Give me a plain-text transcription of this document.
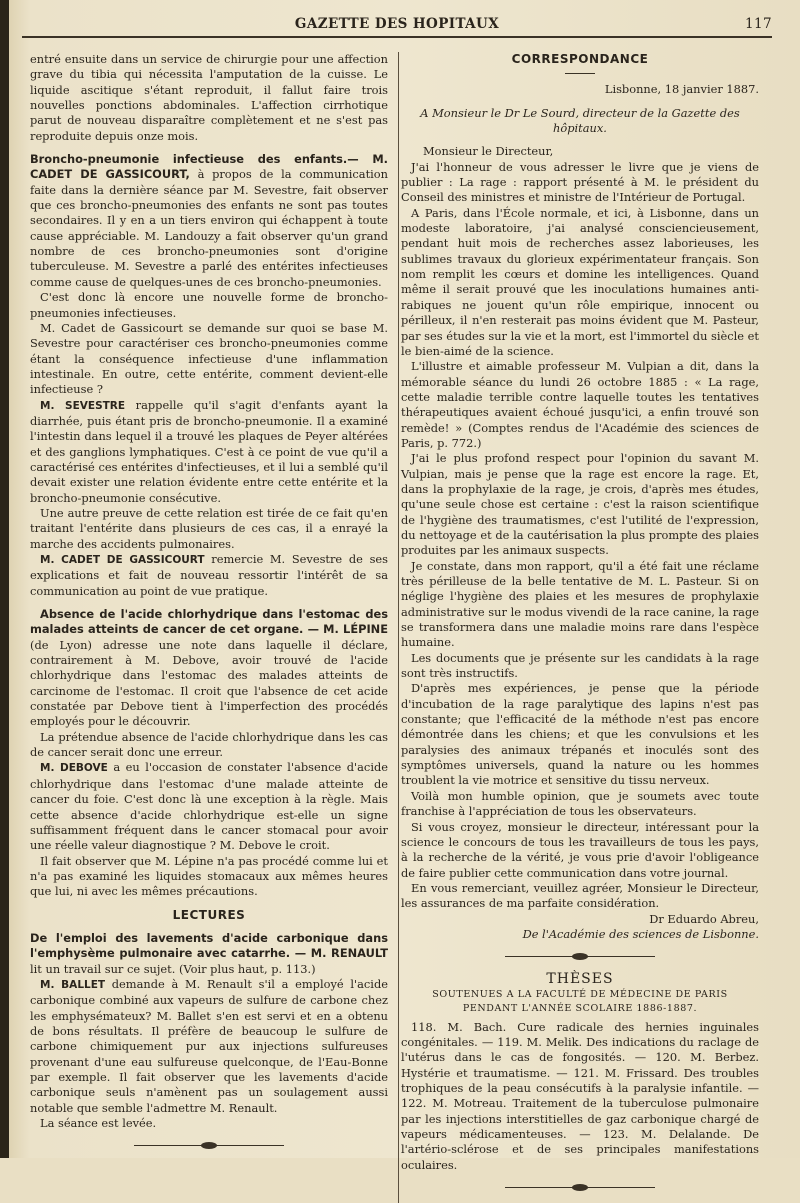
GAZETTE DES HOPITAUX	117

entré ensuite dans un service de chirurgie pour une affection grave du tibia qui nécessita l'amputation de la cuisse. Le liquide ascitique s'étant reproduit, il fallut faire trois nouvelles ponctions abdominales. L'affection cirrhotique parut de nouveau disparaître complètement et ne s'est pas reproduite depuis onze mois.

Broncho-pneumonie infectieuse des enfants.— M. CADET DE GASSICOURT, à propos de la communication faite dans la dernière séance par M. Sevestre, fait observer que ces broncho-pneumonies des enfants ne sont pas toutes secondaires. Il y en a un tiers environ qui échappent à toute cause appréciable. M. Landouzy a fait observer qu'un grand nombre de ces broncho-pneumonies sont d'origine tuberculeuse. M. Sevestre a parlé des entérites infectieuses comme cause de quelques-unes de ces broncho-pneumonies.

C'est donc là encore une nouvelle forme de broncho-pneumonies infectieuses.

M. Cadet de Gassicourt se demande sur quoi se base M. Sevestre pour caractériser ces broncho-pneumonies comme étant la conséquence infectieuse d'une inflammation intestinale. En outre, cette entérite, comment devient-elle infectieuse ?

M. SEVESTRE rappelle qu'il s'agit d'enfants ayant la diarrhée, puis étant pris de broncho-pneumonie. Il a examiné l'intestin dans lequel il a trouvé les plaques de Peyer altérées et des ganglions lymphatiques. C'est à ce point de vue qu'il a caractérisé ces entérites d'infectieuses, et il lui a semblé qu'il devait exister une relation évidente entre cette entérite et la broncho-pneumonie consécutive.

Une autre preuve de cette relation est tirée de ce fait qu'en traitant l'entérite dans plusieurs de ces cas, il a enrayé la marche des accidents pulmonaires.

M. CADET DE GASSICOURT remercie M. Sevestre de ses explications et fait de nouveau ressortir l'intérêt de sa communication au point de vue pratique.

Absence de l'acide chlorhydrique dans l'estomac des malades atteints de cancer de cet organe. — M. LÉPINE (de Lyon) adresse une note dans laquelle il déclare, contrairement à M. Debove, avoir trouvé de l'acide chlorhydrique dans l'estomac des malades atteints de carcinome de l'estomac. Il croit que l'absence de cet acide constatée par Debove tient à l'imperfection des procédés employés pour le découvrir.

La prétendue absence de l'acide chlorhydrique dans les cas de cancer serait donc une erreur.

M. DEBOVE a eu l'occasion de constater l'absence d'acide chlorhydrique dans l'estomac d'une malade atteinte de cancer du foie. C'est donc là une exception à la règle. Mais cette absence d'acide chlorhydrique est-elle un signe suffisamment fréquent dans le cancer stomacal pour avoir une réelle valeur diagnostique ? M. Debove le croit.

Il fait observer que M. Lépine n'a pas procédé comme lui et n'a pas examiné les liquides stomacaux aux mêmes heures que lui, ni avec les mêmes précautions.

LECTURES

De l'emploi des lavements d'acide carbonique dans l'emphysème pulmonaire avec catarrhe. — M. RENAULT lit un travail sur ce sujet. (Voir plus haut, p. 113.)

M. BALLET demande à M. Renault s'il a employé l'acide carbonique combiné aux vapeurs de sulfure de carbone chez les emphysémateux? M. Ballet s'en est servi et en a obtenu de bons résultats. Il préfère de beaucoup le sulfure de carbone chimiquement pur aux injections sulfureuses provenant d'une eau sulfureuse quelconque, de l'Eau-Bonne par exemple. Il fait observer que les lavements d'acide carbonique seuls n'amènent pas un soulagement aussi notable que semble l'admettre M. Renault.

La séance est levée.

CORRESPONDANCE
Lisbonne, 18 janvier 1887.
A Monsieur le Dr Le Sourd, directeur de la Gazette des hôpitaux.

Monsieur le Directeur,

J'ai l'honneur de vous adresser le livre que je viens de publier : La rage : rapport présenté à M. le président du Conseil des ministres et ministre de l'Intérieur de Portugal.

A Paris, dans l'École normale, et ici, à Lisbonne, dans un modeste laboratoire, j'ai analysé consciencieusement, pendant huit mois de recherches assez laborieuses, les sublimes travaux du glorieux expérimentateur français. Son nom remplit les cœurs et domine les intelligences. Quand même il serait prouvé que les inoculations humaines anti-rabiques ne jouent qu'un rôle empirique, innocent ou périlleux, il n'en resterait pas moins évident que M. Pasteur, par ses études sur la vie et la mort, est l'immortel du siècle et le bien-aimé de la science.

L'illustre et aimable professeur M. Vulpian a dit, dans la mémorable séance du lundi 26 octobre 1885 : « La rage, cette maladie terrible contre laquelle toutes les tentatives thérapeutiques avaient échoué jusqu'ici, a enfin trouvé son remède! » (Comptes rendus de l'Académie des sciences de Paris, p. 772.)

J'ai le plus profond respect pour l'opinion du savant M. Vulpian, mais je pense que la rage est encore la rage. Et, dans la prophylaxie de la rage, je crois, d'après mes études, qu'une seule chose est certaine : c'est la raison scientifique de l'hygiène des traumatismes, c'est l'utilité de l'expression, du nettoyage et de la cautérisation la plus prompte des plaies produites par les animaux suspects.

Je constate, dans mon rapport, qu'il a été fait une réclame très périlleuse de la belle tentative de M. L. Pasteur. Si on néglige l'hygiène des plaies et les mesures de prophylaxie administrative sur le modus vivendi de la race canine, la rage se transformera dans une maladie moins rare dans l'espèce humaine.

Les documents que je présente sur les candidats à la rage sont très instructifs.

D'après mes expériences, je pense que la période d'incubation de la rage paralytique des lapins n'est pas constante; que l'efficacité de la méthode n'est pas encore démontrée dans les chiens; et que les convulsions et les paralysies des animaux trépanés et inoculés sont des symptômes universels, quand la nature ou les hommes troublent la vie motrice et sensitive du tissu nerveux.

Voilà mon humble opinion, que je soumets avec toute franchise à l'appréciation de tous les observateurs.

Si vous croyez, monsieur le directeur, intéressant pour la science le concours de tous les travailleurs de tous les pays, à la recherche de la vérité, je vous prie d'avoir l'obligeance de faire publier cette communication dans votre journal.

En vous remerciant, veuillez agréer, Monsieur le Directeur, les assurances de ma parfaite considération.

Dr Eduardo Abreu,
De l'Académie des sciences de Lisbonne.
THÈSES
SOUTENUES A LA FACULTÉ DE MÉDECINE DE PARIS
PENDANT L'ANNÉE SCOLAIRE 1886-1887.

118. M. Bach. Cure radicale des hernies inguinales congénitales. — 119. M. Melik. Des indications du raclage de l'utérus dans le cas de fongosités. — 120. M. Berbez. Hystérie et traumatisme. — 121. M. Frissard. Des troubles trophiques de la peau consécutifs à la paralysie infantile. — 122. M. Motreau. Traitement de la tuberculose pulmonaire par les injections interstitielles de gaz carbonique chargé de vapeurs médicamenteuses. — 123. M. Delalande. De l'artério-sclérose et de ses principales manifestations oculaires.
